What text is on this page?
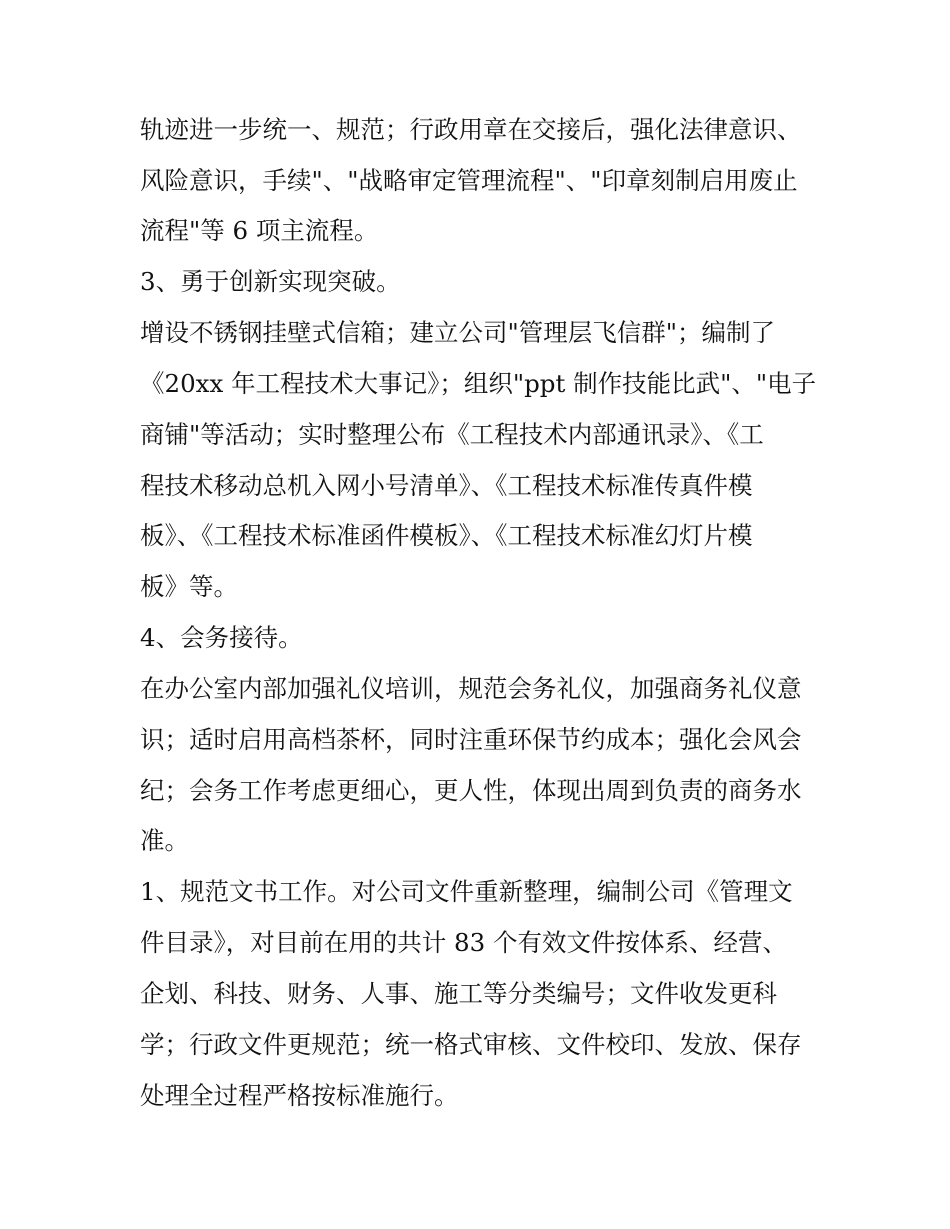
轨迹进一步统一、规范；行政用章在交接后，强化法律意识、

风险意识，手续"、"战略审定管理流程"、"印章刻制启用废止

流程"等 6 项主流程。

3、勇于创新实现突破。

增设不锈钢挂壁式信箱；建立公司"管理层飞信群"；编制了

《20xx 年工程技术大事记》；组织"ppt 制作技能比武"、"电子

商铺"等活动；实时整理公布《工程技术内部通讯录》、《工

程技术移动总机入网小号清单》、《工程技术标准传真件模

板》、《工程技术标准函件模板》、《工程技术标准幻灯片模

板》等。

4、会务接待。

在办公室内部加强礼仪培训，规范会务礼仪，加强商务礼仪意

识；适时启用高档茶杯，同时注重环保节约成本；强化会风会

纪；会务工作考虑更细心，更人性，体现出周到负责的商务水

准。

1、规范文书工作。对公司文件重新整理，编制公司《管理文

件目录》，对目前在用的共计 83 个有效文件按体系、经营、

企划、科技、财务、人事、施工等分类编号；文件收发更科

学；行政文件更规范；统一格式审核、文件校印、发放、保存

处理全过程严格按标准施行。
